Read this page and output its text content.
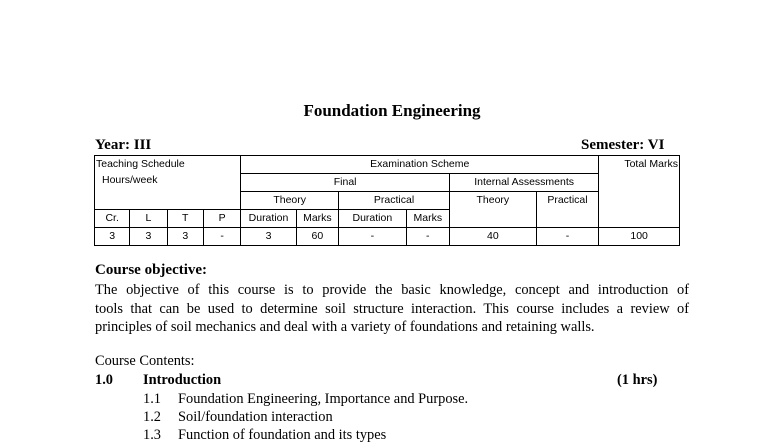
Foundation Engineering
Year: III	Semester: VI
Teaching Schedule
Hours/week				Examination Scheme						Total Marks
				Final				Internal Assessments		
				Theory		Practical		Theory	Practical	
Cr.	L	T	P	Duration	Marks	Duration	Marks			
3	3	3	-	3	60	-	-	40	-	100
Course objective:
The objective of this course is to provide the basic knowledge, concept and introduction of
tools that can be used to determine soil structure interaction. This course includes a review of
principles of soil mechanics and deal with a variety of foundations and retaining walls.
Course Contents:
1.0 Introduction	(1 hrs)
1.1 Foundation Engineering, Importance and Purpose.
1.2 Soil/foundation interaction
1.3 Function of foundation and its types
